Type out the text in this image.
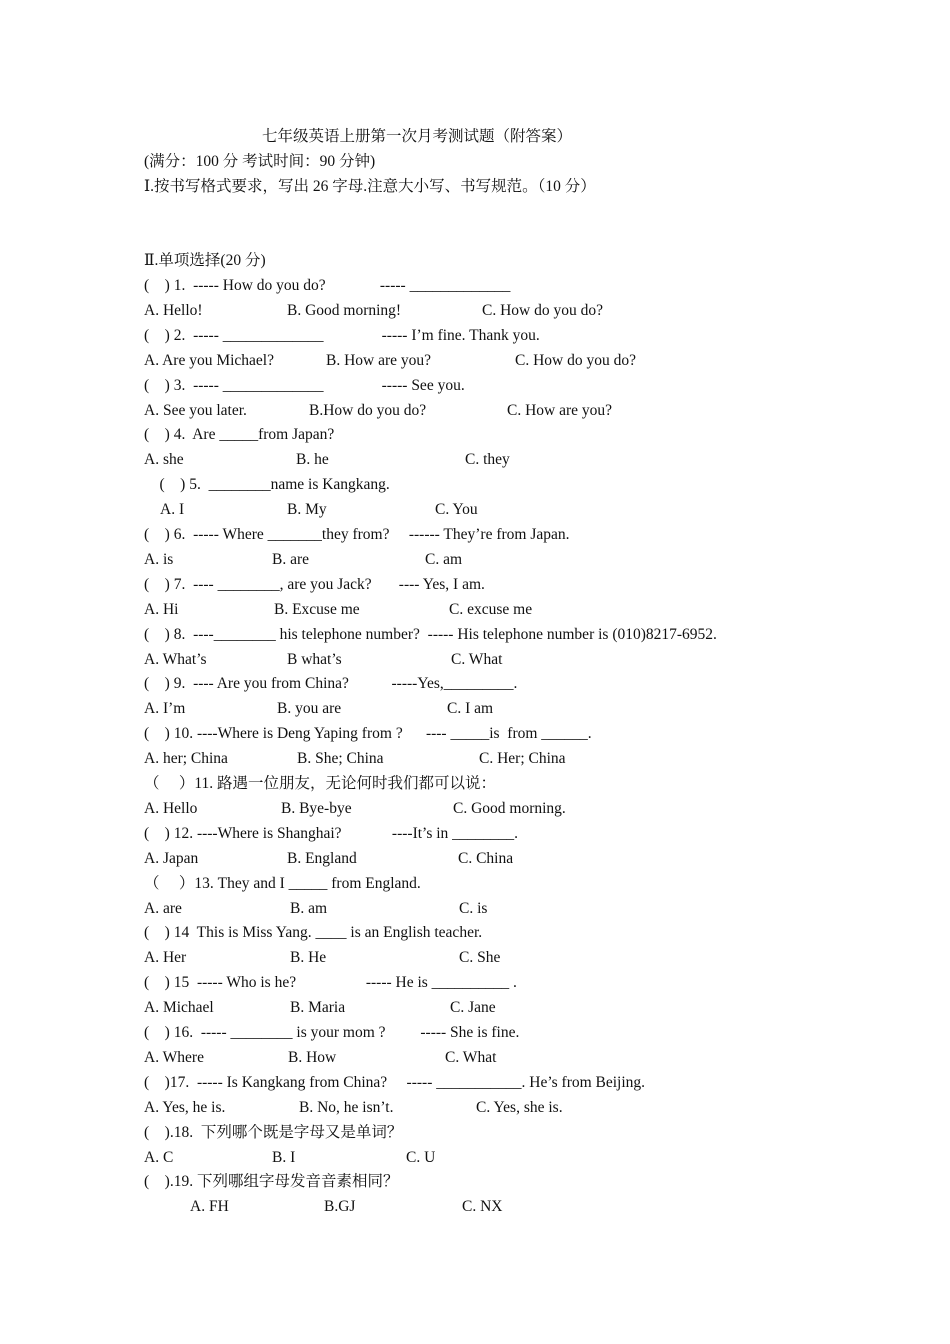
七年级英语上册第一次月考测试题（附答案）
(满分：100 分 考试时间：90 分钟)
Ⅰ.按书写格式要求，写出 26 字母.注意大小写、书写规范。（10 分）
Ⅱ.单项选择(20 分)
(    ) 1.  ----- How do you do?              ----- _____________
A. Hello!	B. Good morning!	C. How do you do?
(    ) 2.  ----- _____________               ----- I’m fine. Thank you.
A. Are you Michael?	B. How are you?	C. How do you do?
(    ) 3.  ----- _____________               ----- See you.
A. See you later.	B.How do you do?	C. How are you?
(    ) 4.  Are _____from Japan?
A. she	B. he	C. they
(    ) 5.  ________name is Kangkang.
A. I	B. My	C. You
(    ) 6.  ----- Where _______they from?     ------ They’re from Japan.
A. is	B. are	C. am
(    ) 7.  ---- ________, are you Jack?       ---- Yes, I am.
A. Hi	B. Excuse me	C. excuse me
(    ) 8.  ----________ his telephone number?  ----- His telephone number is (010)8217-6952.
A. What’s	B what’s	C. What
(    ) 9.  ---- Are you from China?           -----Yes,_________.
A. I’m	B. you are	C. I am
(    ) 10. ----Where is Deng Yaping from ?      ---- _____is  from ______.
A. her; China	B. She; China	C. Her; China
（     ）11. 路遇一位朋友，无论何时我们都可以说：
A. Hello	B. Bye-bye	C. Good morning.
(    ) 12. ----Where is Shanghai?             ----It’s in ________.
A. Japan	B. England	C. China
（     ）13. They and I _____ from England.
A. are	B. am	C. is
(    ) 14  This is Miss Yang. ____ is an English teacher.
A. Her	B. He	C. She
(    ) 15  ----- Who is he?                  ----- He is __________ .
A. Michael	B. Maria	C. Jane
(    ) 16.  ----- ________ is your mom ?         ----- She is fine.
A. Where	B. How	C. What
(    )17.  ----- Is Kangkang from China?     ----- ___________. He’s from Beijing.
A. Yes, he is.	B. No, he isn’t.	C. Yes, she is.
(    ).18.  下列哪个既是字母又是单词？
A. C	B. I	C. U
(    ).19. 下列哪组字母发音音素相同？
A. FH	B.GJ	C. NX
